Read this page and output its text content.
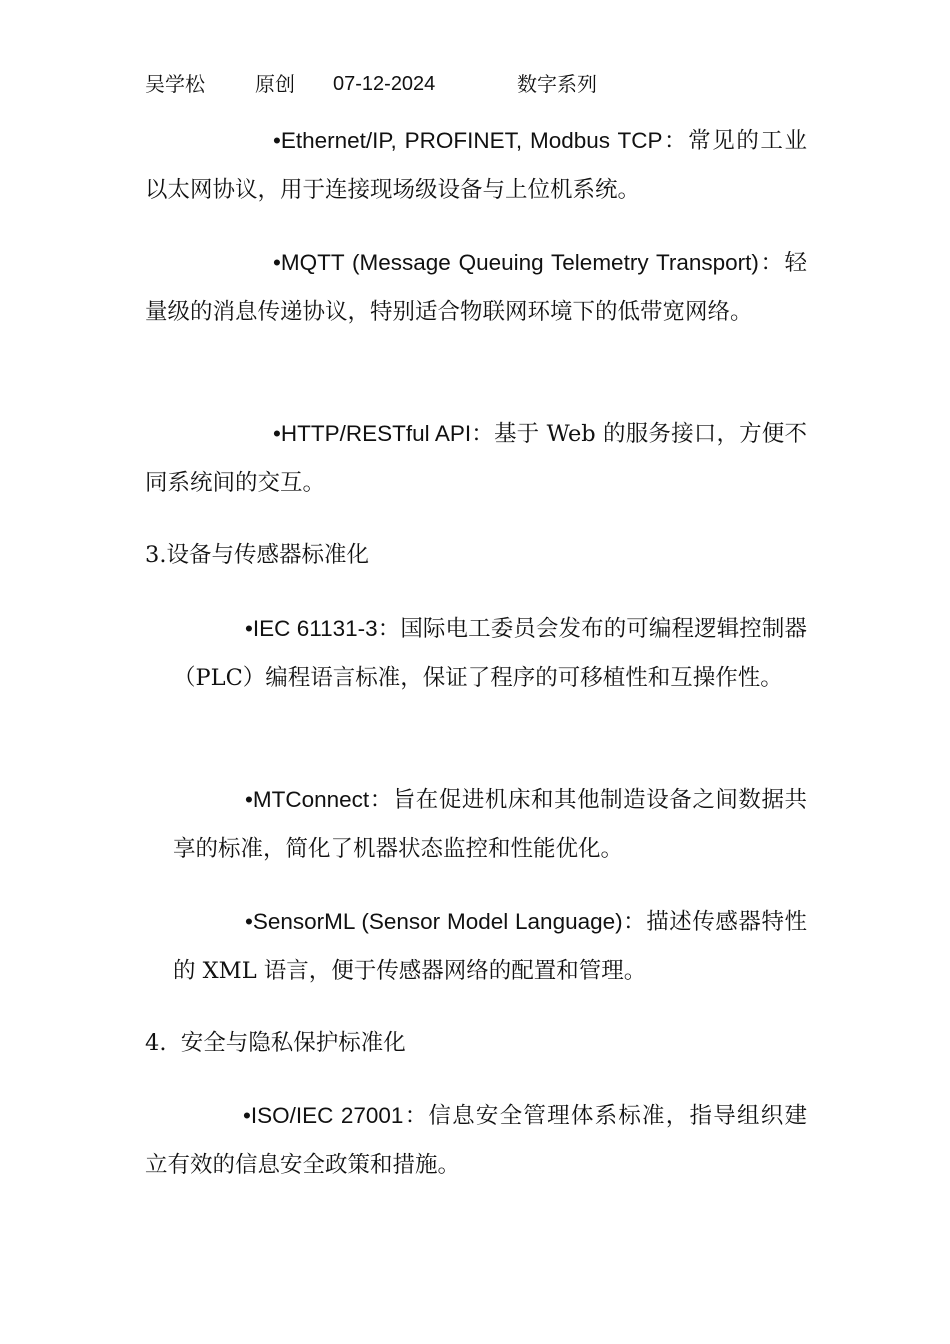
吴学松	原创 07-12-2024	数字系列
•Ethernet/IP, PROFINET, Modbus TCP：常见的工业以太网协议，用于连接现场级设备与上位机系统。
•MQTT (Message Queuing Telemetry Transport)：轻量级的消息传递协议，特别适合物联网环境下的低带宽网络。
•HTTP/RESTful API：基于 Web 的服务接口，方便不同系统间的交互。
3.设备与传感器标准化
•IEC 61131-3：国际电工委员会发布的可编程逻辑控制器（PLC）编程语言标准，保证了程序的可移植性和互操作性。
•MTConnect：旨在促进机床和其他制造设备之间数据共享的标准，简化了机器状态监控和性能优化。
•SensorML (Sensor Model Language)：描述传感器特性的 XML 语言，便于传感器网络的配置和管理。
4.  安全与隐私保护标准化
•ISO/IEC 27001：信息安全管理体系标准，指导组织建立有效的信息安全政策和措施。
